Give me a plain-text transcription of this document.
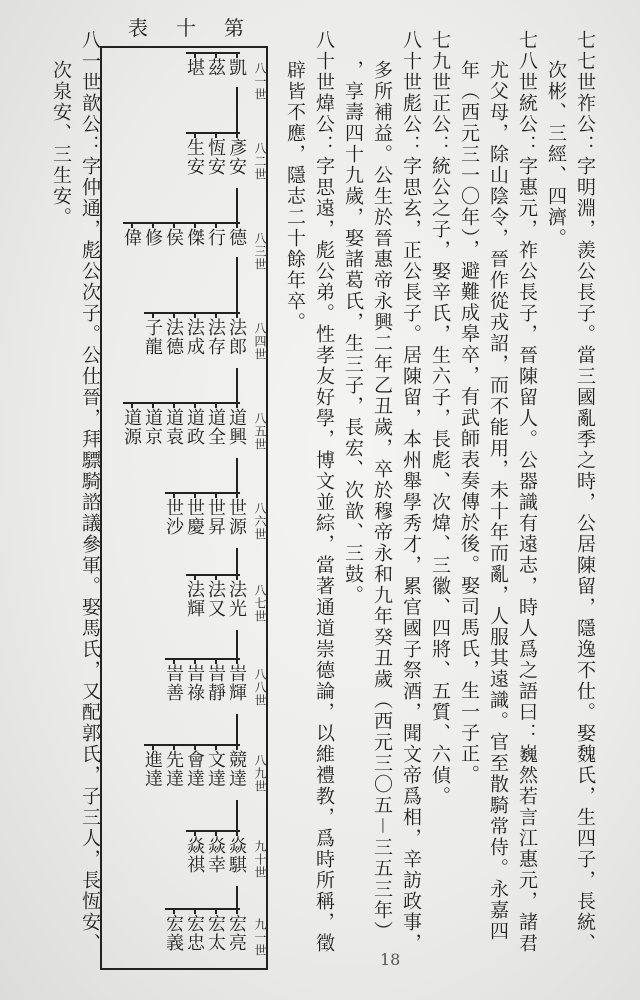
七七世祚公：字明淵，羨公長子。當三國亂季之時，公居陳留，隱逸不仕。娶魏氏，生四子，長統、
次彬、三經、四濟。
七八世統公：字惠元，祚公長子，晉陳留人。公器識有遠志，時人爲之語曰：巍然若言江惠元，諸君
尤父母，除山陰令，晉作從戎詔，而不能用，未十年而亂，人服其遠識。官至散騎常侍。永嘉四
年（西元三一〇年），避難成皋卒，有武師表奏傳於後。娶司馬氏，生一子正。
七九世正公：統公之子，娶辛氏，生六子，長彪、次煒、三徽、四將、五質、六偵。
八十世彪公：字思玄，正公長子。居陳留，本州舉學秀才，累官國子祭酒，聞文帝爲相，辛訪政事，
多所補益。公生於晉惠帝永興二年乙丑歲，卒於穆帝永和九年癸丑歲（西元三〇五－三五三年）
，享壽四十九歲，娶諸葛氏，生三子，長宏、次歆、三鼓。
八十世煒公：字思遠，彪公弟。性孝友好學，博文並綜，當著通道崇德論，以維禮教，爲時所稱，徵
辟皆不應，隱志二十餘年卒。
八一世歆公：字仲通，彪公次子。公仕晉，拜驃騎諮議參軍。娶馬氏，又配郭氏，子三人，長恆安、
次泉安、三生安。
表十第
八一世
八二世
八三世
八四世
八五世
八六世
八七世
八八世
八九世
九十世
九一世
凱
茲
堪
彥安
恆安
生安
德
行
傑
侯
修
偉
法郎
法存
法成
法德
子龍
道興
道全
道政
道袁
道京
道源
世源
世昇
世慶
世沙
法光
法又
法輝
峕輝
峕靜
峕祿
峕善
競達
文達
會達
先達
進達
焱騏
焱幸
焱祺
宏亮
宏太
宏忠
宏義
18
